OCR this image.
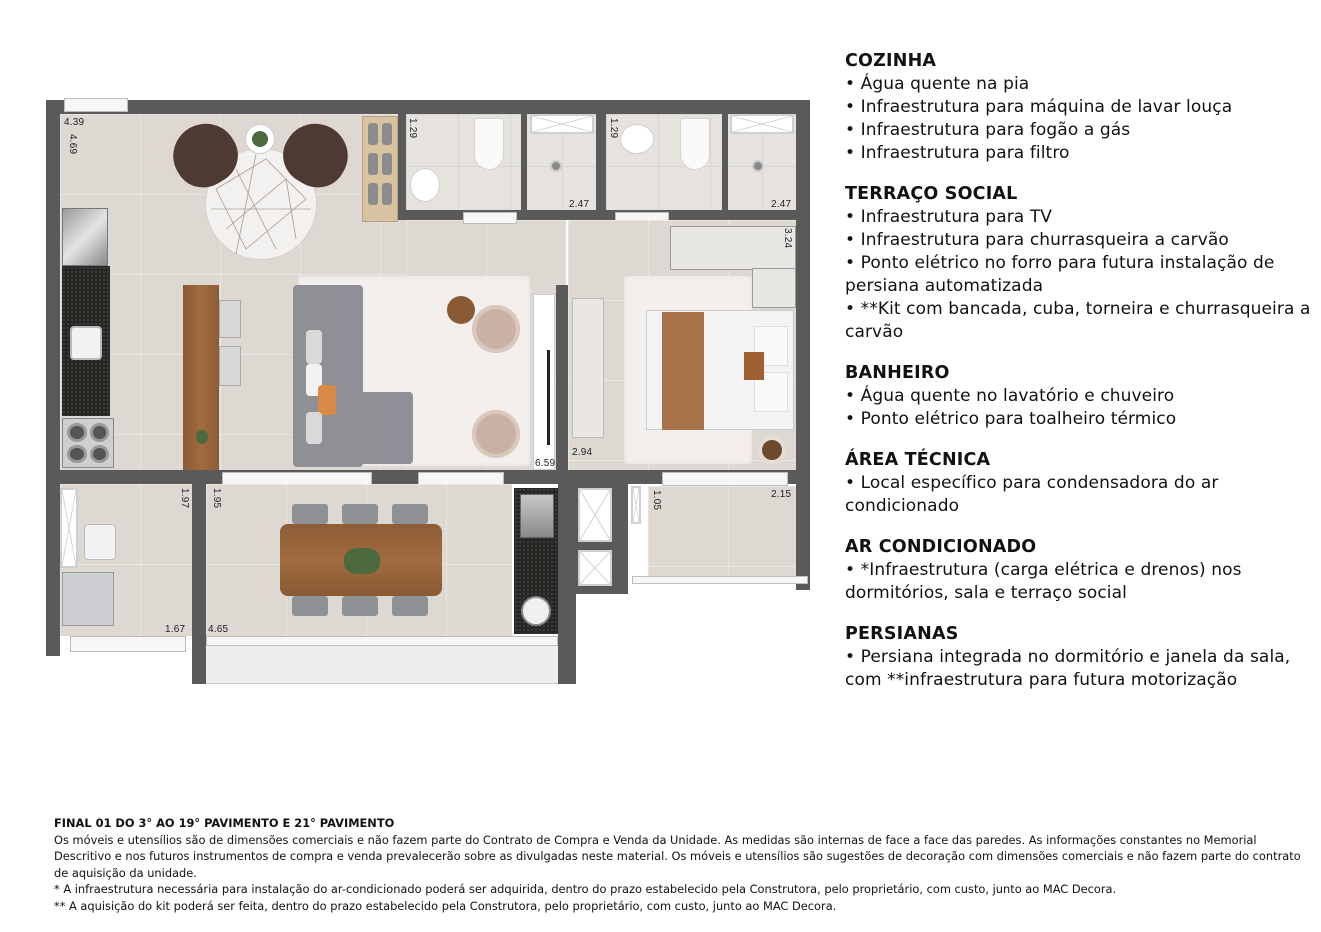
4.39
4.69
6.59
1.29
2.47
1.29
2.47
3.24
2.94
1.97
1.67
1.95
4.65
1.05	2.15
COZINHA
• Água quente na pia
• Infraestrutura para máquina de lavar louça
• Infraestrutura para fogão a gás
• Infraestrutura para filtro
TERRAÇO SOCIAL
• Infraestrutura para TV
• Infraestrutura para churrasqueira a carvão
• Ponto elétrico no forro para futura instalação de persiana automatizada
• **Kit com bancada, cuba, torneira e churrasqueira a carvão
BANHEIRO
• Água quente no lavatório e chuveiro
• Ponto elétrico para toalheiro térmico
ÁREA TÉCNICA
• Local específico para condensadora do ar condicionado
AR CONDICIONADO
• *Infraestrutura (carga elétrica e drenos) nos dormitórios, sala e terraço social
PERSIANAS
• Persiana integrada no dormitório e janela da sala, com **infraestrutura para futura motorização
FINAL 01 DO 3° AO 19° PAVIMENTO E 21° PAVIMENTO
Os móveis e utensílios são de dimensões comerciais e não fazem parte do Contrato de Compra e Venda da Unidade. As medidas são internas de face a face das paredes. As informações constantes no Memorial Descritivo e nos futuros instrumentos de compra e venda prevalecerão sobre as divulgadas neste material. Os móveis e utensílios são sugestões de decoração com dimensões comerciais e não fazem parte do contrato de aquisição da unidade.
* A infraestrutura necessária para instalação do ar-condicionado poderá ser adquirida, dentro do prazo estabelecido pela Construtora, pelo proprietário, com custo, junto ao MAC Decora.
** A aquisição do kit poderá ser feita, dentro do prazo estabelecido pela Construtora, pelo proprietário, com custo, junto ao MAC Decora.
